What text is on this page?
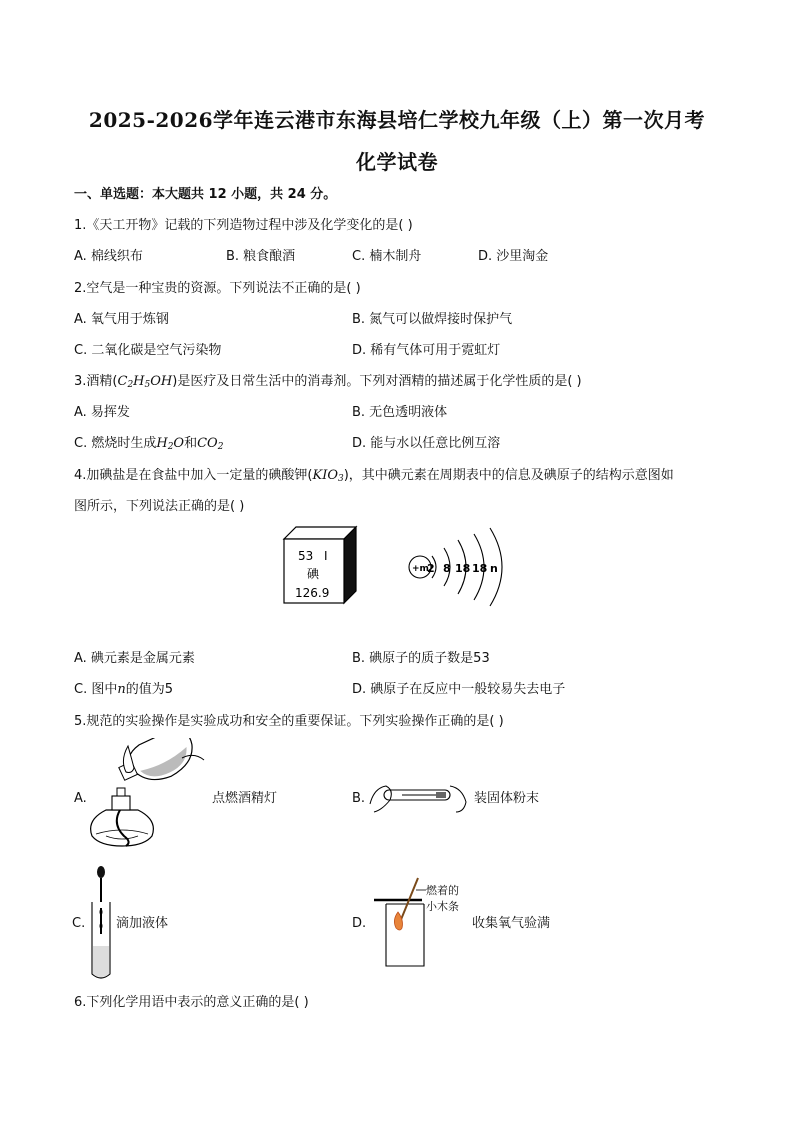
2025-2026学年连云港市东海县培仁学校九年级（上）第一次月考
化学试卷
一、单选题：本大题共 12 小题，共 24 分。
1.《天工开物》记载的下列造物过程中涉及化学变化的是( )
A. 棉线织布	B. 粮食酿酒	C. 楠木制舟	D. 沙里淘金
2.空气是一种宝贵的资源。下列说法不正确的是( )
A. 氧气用于炼钢	B. 氮气可以做焊接时保护气
C. 二氧化碳是空气污染物	D. 稀有气体可用于霓虹灯
3.酒精$(C_2H_5OH)$是医疗及日常生活中的消毒剂。下列对酒精的描述属于化学性质的是( )
A. 易挥发	B. 无色透明液体
C. 燃烧时生成$H_2O$和$CO_2$	D. 能与水以任意比例互溶
4.加碘盐是在食盐中加入一定量的碘酸钾$(KIO_3)$，其中碘元素在周期表中的信息及碘原子的结构示意图如
图所示，下列说法正确的是( )
53 I
碘
126.9
+m
2 8 18 18 n
A. 碘元素是金属元素	B. 碘原子的质子数是53
C. 图中n的值为5	D. 碘原子在反应中一般较易失去电子
5.规范的实验操作是实验成功和安全的重要保证。下列实验操作正确的是( )
A.	点燃酒精灯	B.	装固体粉末
C. 滴加液体	D.
燃着的
小木条
收集氧气验满
6.下列化学用语中表示的意义正确的是( )
